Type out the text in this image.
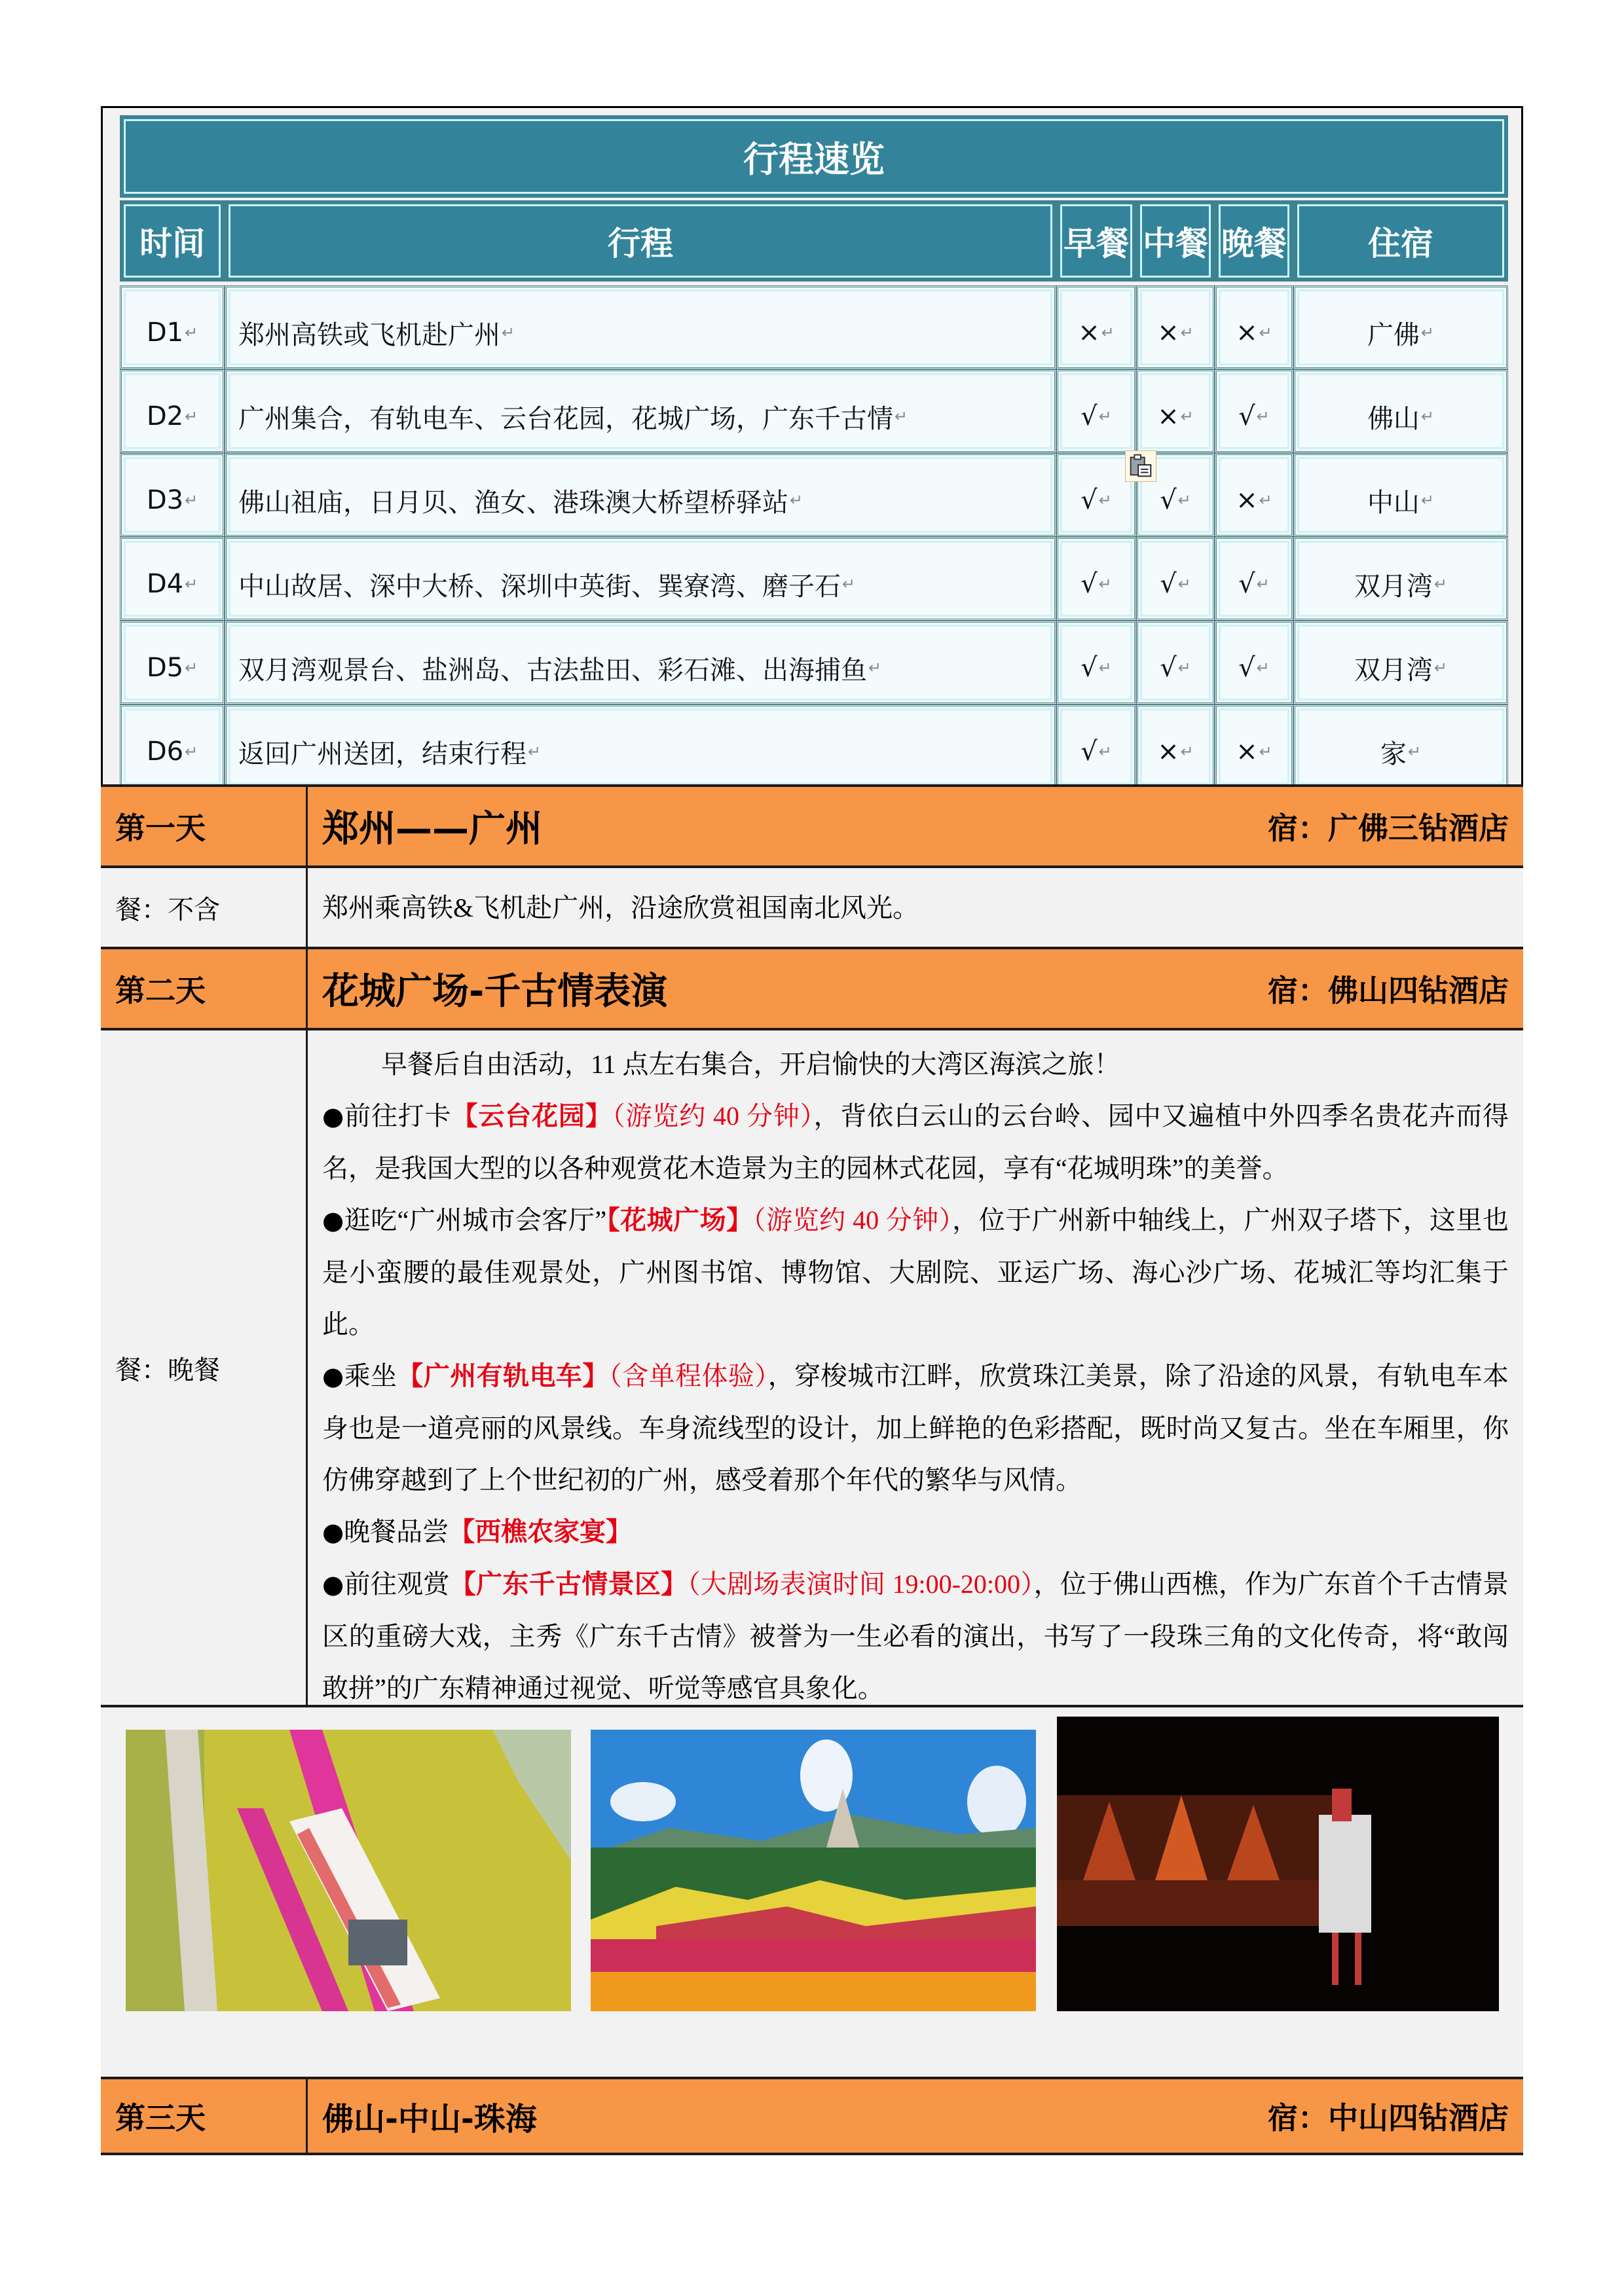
行程速览
时间	行程	早餐 中餐 晚餐 住宿
D1 ↵ 郑州高铁或飞机赴广州 ↵	× ↵ × ↵ × ↵	广佛 ↵
D2 ↵ 广州集合，有轨电车、云台花园，花城广场，广东千古情 ↵	√ ↵ × ↵ √ ↵	佛山 ↵
D3 ↵ 佛山祖庙，日月贝、渔女、港珠澳大桥望桥驿站 ↵	√ ↵ √ ↵ × ↵	中山 ↵
D4 ↵ 中山故居、深中大桥、深圳中英街、巽寮湾、磨子石 ↵	√ ↵ √ ↵ √ ↵	双月湾 ↵
D5 ↵ 双月湾观景台、盐洲岛、古法盐田、彩石滩、出海捕鱼 ↵	√ ↵ √ ↵ √ ↵	双月湾 ↵
D6 ↵ 返回广州送团，结束行程 ↵	√ ↵ × ↵ × ↵	家 ↵
第一天	郑州——广州	宿：广佛三钻酒店
餐：不含	郑州乘高铁&飞机赴广州，沿途欣赏祖国南北风光。
第二天	花城广场-千古情表演	宿：佛山四钻酒店
餐：晚餐

早餐后自由活动，11 点左右集合，开启愉快的大湾区海滨之旅！

●前往打卡【云台花园】（游览约 40 分钟），背依白云山的云台岭、园中又遍植中外四季名贵花卉而得名，是我国大型的以各种观赏花木造景为主的园林式花园，享有“花城明珠”的美誉。

●逛吃“广州城市会客厅”【花城广场】（游览约 40 分钟），位于广州新中轴线上，广州双子塔下，这里也是小蛮腰的最佳观景处，广州图书馆、博物馆、大剧院、亚运广场、海心沙广场、花城汇等均汇集于此。

●乘坐【广州有轨电车】（含单程体验），穿梭城市江畔，欣赏珠江美景，除了沿途的风景，有轨电车本身也是一道亮丽的风景线。车身流线型的设计，加上鲜艳的色彩搭配，既时尚又复古。坐在车厢里，你仿佛穿越到了上个世纪初的广州，感受着那个年代的繁华与风情。

●晚餐品尝【西樵农家宴】

●前往观赏【广东千古情景区】（大剧场表演时间 19:00-20:00），位于佛山西樵，作为广东首个千古情景区的重磅大戏，主秀《广东千古情》被誉为一生必看的演出，书写了一段珠三角的文化传奇，将“敢闯敢拼”的广东精神通过视觉、听觉等感官具象化。

第三天	佛山-中山-珠海	宿：中山四钻酒店
